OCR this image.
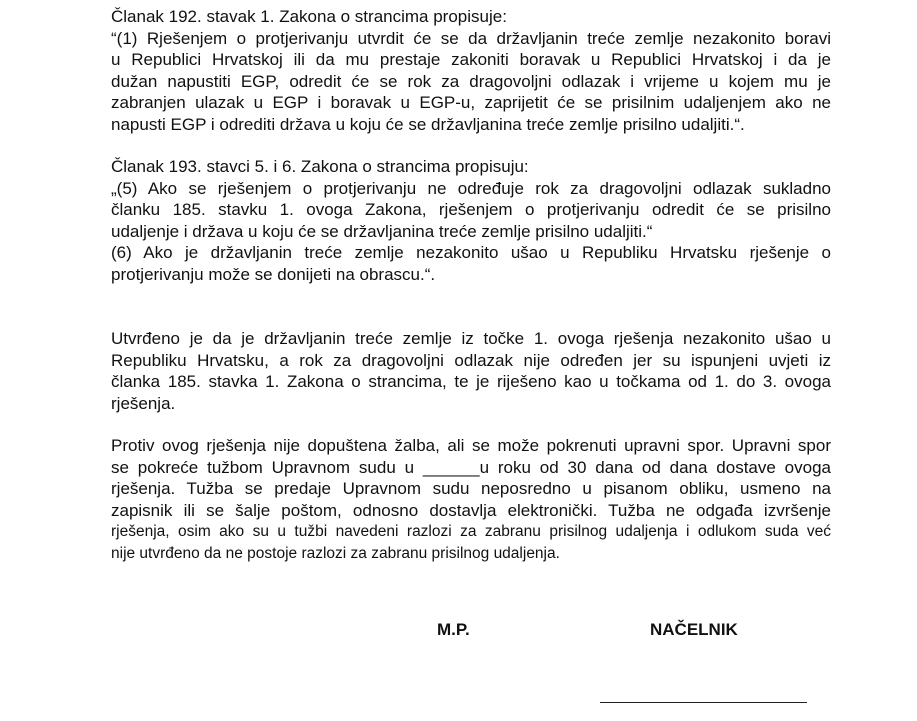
Članak 192. stavak 1. Zakona o strancima propisuje:
“(1) Rješenjem o protjerivanju utvrdit će se da državljanin treće zemlje nezakonito boravi
u Republici Hrvatskoj ili da mu prestaje zakoniti boravak u Republici Hrvatskoj i da je
dužan napustiti EGP, odredit će se rok za dragovoljni odlazak i vrijeme u kojem mu je
zabranjen ulazak u EGP i boravak u EGP-u, zaprijetit će se prisilnim udaljenjem ako ne
napusti EGP i odrediti država u koju će se državljanina treće zemlje prisilno udaljiti.“.

Članak 193. stavci 5. i 6. Zakona o strancima propisuju:
„(5) Ako se rješenjem o protjerivanju ne određuje rok za dragovoljni odlazak sukladno
članku 185. stavku 1. ovoga Zakona, rješenjem o protjerivanju odredit će se prisilno
udaljenje i država u koju će se državljanina treće zemlje prisilno udaljiti.“
(6) Ako je državljanin treće zemlje nezakonito ušao u Republiku Hrvatsku rješenje o
protjerivanju može se donijeti na obrascu.“.

Utvrđeno je da je državljanin treće zemlje iz točke 1. ovoga rješenja nezakonito ušao u
Republiku Hrvatsku, a rok za dragovoljni odlazak nije određen jer su ispunjeni uvjeti iz
članka 185. stavka 1. Zakona o strancima, te je riješeno kao u točkama od 1. do 3. ovoga
rješenja.

Protiv ovog rješenja nije dopuštena žalba, ali se može pokrenuti upravni spor. Upravni spor
se pokreće tužbom Upravnom sudu u ______u roku od 30 dana od dana dostave ovoga
rješenja. Tužba se predaje Upravnom sudu neposredno u pisanom obliku, usmeno na
zapisnik ili se šalje poštom, odnosno dostavlja elektronički. Tužba ne odgađa izvršenje
rješenja, osim ako su u tužbi navedeni razlozi za zabranu prisilnog udaljenja i odlukom suda već
nije utvrđeno da ne postoje razlozi za zabranu prisilnog udaljenja.

M.P.	NAČELNIK
